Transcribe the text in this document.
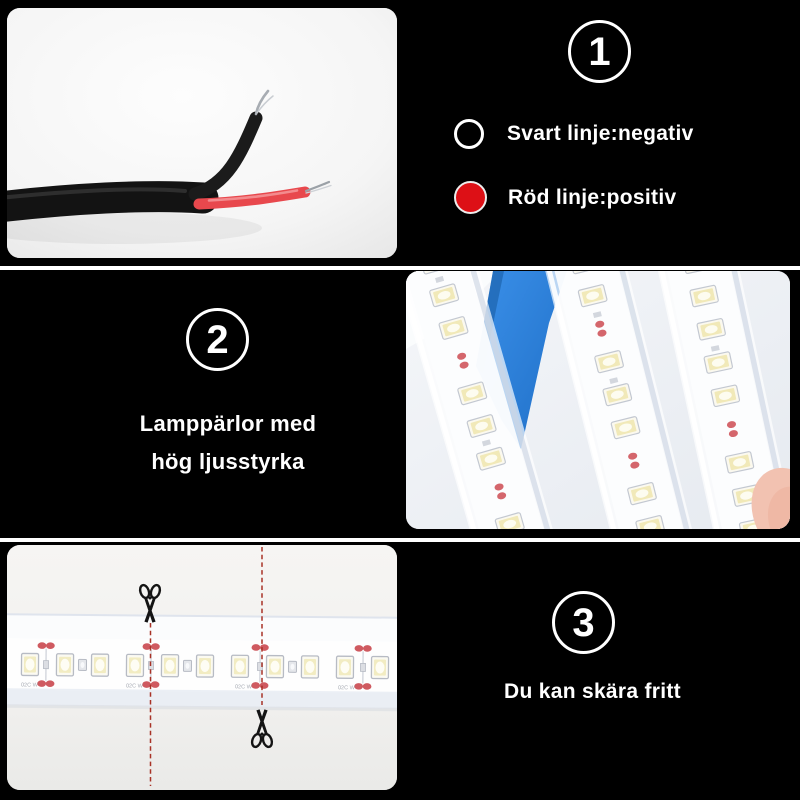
1
Svart linje:negativ
Röd linje:positiv
2
Lamppärlor med
hög ljusstyrka
02C W	02C W	02C W	02C W
3
Du kan skära fritt
